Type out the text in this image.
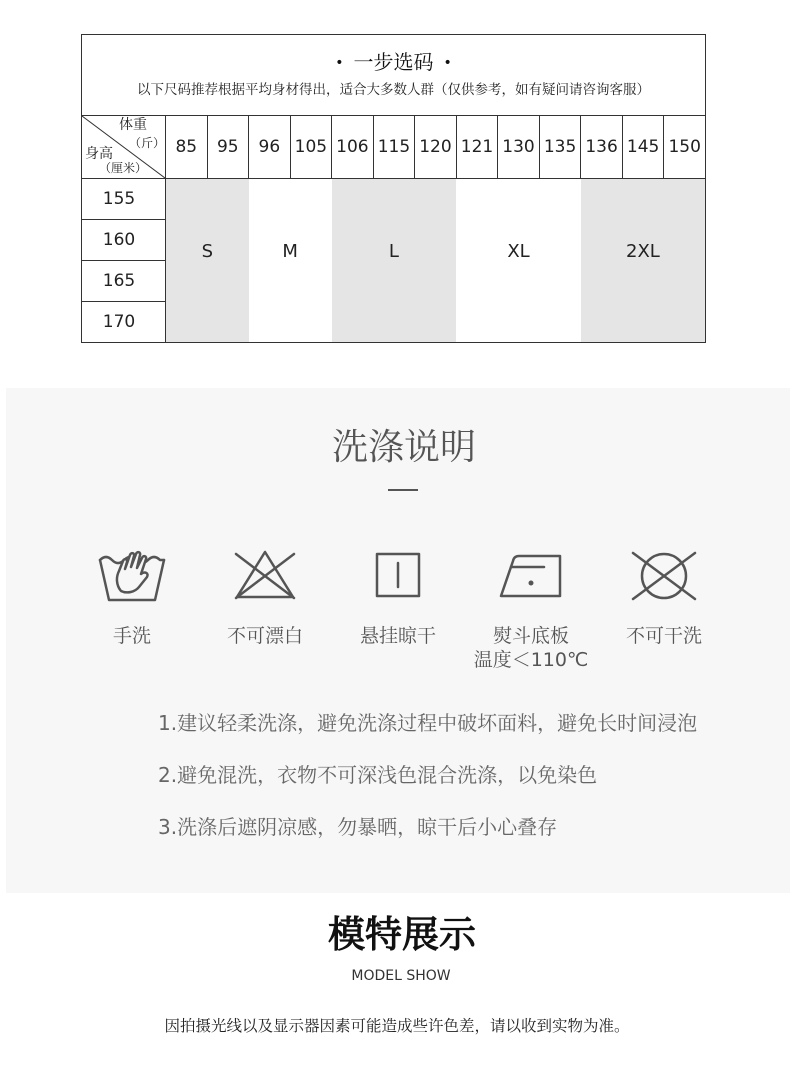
• 一步选码 •
以下尺码推荐根据平均身材得出，适合大多数人群（仅供参考，如有疑问请咨询客服）													

体重
（斤）
身高
（厘米）	85	95	96	105	106	115	120	121	130	135	136	145	150
155	S		M		L			XL			2XL		
160													
165													
170													
洗涤说明
手洗	不可漂白	悬挂晾干	熨斗底板
温度＜110℃
不可干洗

1.建议轻柔洗涤，避免洗涤过程中破坏面料，避免长时间浸泡

2.避免混洗，衣物不可深浅色混合洗涤，以免染色

3.洗涤后遮阴凉感，勿暴晒，晾干后小心叠存

模特展示
MODEL SHOW

因拍摄光线以及显示器因素可能造成些许色差，请以收到实物为准。
